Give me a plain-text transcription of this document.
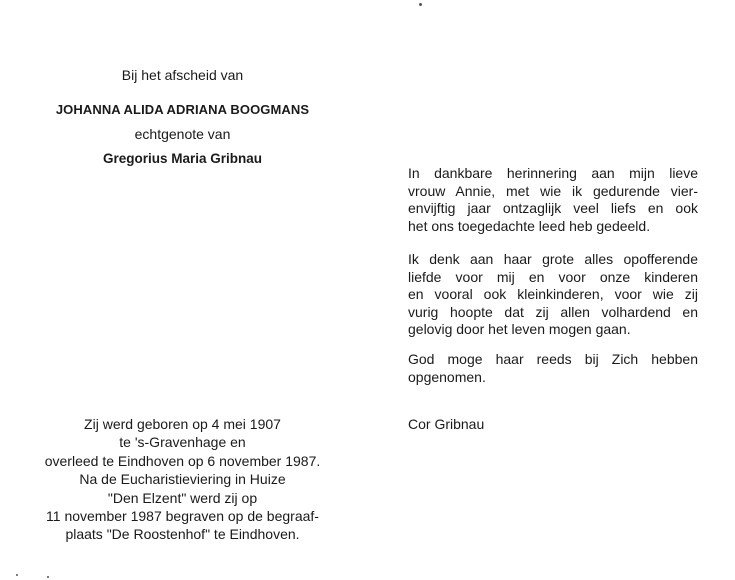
Bij het afscheid van
JOHANNA ALIDA ADRIANA BOOGMANS
echtgenote van
Gregorius Maria Gribnau
Zij werd geboren op 4 mei 1907
te 's-Gravenhage en
overleed te Eindhoven op 6 november 1987.
Na de Eucharistieviering in Huize
"Den Elzent" werd zij op
11 november 1987 begraven op de begraaf-
plaats "De Roostenhof" te Eindhoven.
In dankbare herinnering aan mijn lieve
vrouw Annie, met wie ik gedurende vier-
envijftig jaar ontzaglijk veel liefs en ook
het ons toegedachte leed heb gedeeld.
Ik denk aan haar grote alles opofferende
liefde voor mij en voor onze kinderen
en vooral ook kleinkinderen, voor wie zij
vurig hoopte dat zij allen volhardend en
gelovig door het leven mogen gaan.
God moge haar reeds bij Zich hebben
opgenomen.
Cor Gribnau
